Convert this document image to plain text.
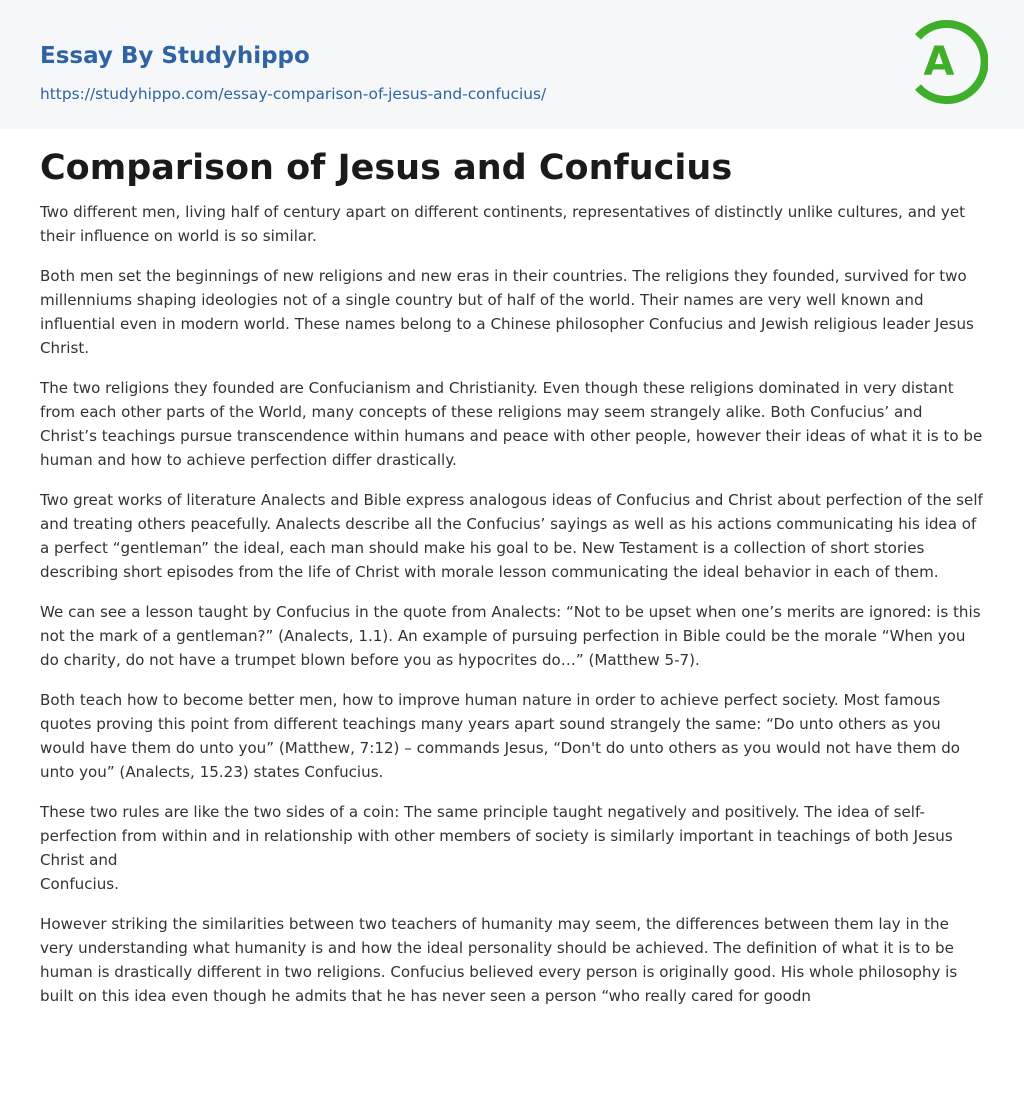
Essay By Studyhippo
https://studyhippo.com/essay-comparison-of-jesus-and-confucius/
A
Comparison of Jesus and Confucius

Two different men, living half of century apart on different continents, representatives of distinctly unlike cultures, and yet their influence on world is so similar.

Both men set the beginnings of new religions and new eras in their countries. The religions they founded, survived for two millenniums shaping ideologies not of a single country but of half of the world. Their names are very well known and influential even in modern world. These names belong to a Chinese philosopher Confucius and Jewish religious leader Jesus Christ.

The two religions they founded are Confucianism and Christianity. Even though these religions dominated in very distant from each other parts of the World, many concepts of these religions may seem strangely alike. Both Confucius’ and Christ’s teachings pursue transcendence within humans and peace with other people, however their ideas of what it is to be human and how to achieve perfection differ drastically.

Two great works of literature Analects and Bible express analogous ideas of Confucius and Christ about perfection of the self and treating others peacefully. Analects describe all the Confucius’ sayings as well as his actions communicating his idea of a perfect “gentleman” the ideal, each man should make his goal to be. New Testament is a collection of short stories describing short episodes from the life of Christ with morale lesson communicating the ideal behavior in each of them.

We can see a lesson taught by Confucius in the quote from Analects: “Not to be upset when one’s merits are ignored: is this not the mark of a gentleman?” (Analects, 1.1). An example of pursuing perfection in Bible could be the morale “When you do charity, do not have a trumpet blown before you as hypocrites do…” (Matthew 5-7).

Both teach how to become better men, how to improve human nature in order to achieve perfect society. Most famous quotes proving this point from different teachings many years apart sound strangely the same: “Do unto others as you would have them do unto you” (Matthew, 7:12) – commands Jesus, “Don't do unto others as you would not have them do unto you” (Analects, 15.23) states Confucius.

These two rules are like the two sides of a coin: The same principle taught negatively and positively. The idea of self-perfection from within and in relationship with other members of society is similarly important in teachings of both Jesus Christ and
Confucius.

However striking the similarities between two teachers of humanity may seem, the differences between them lay in the very understanding what humanity is and how the ideal personality should be achieved. The definition of what it is to be human is drastically different in two religions. Confucius believed every person is originally good. His whole philosophy is built on this idea even though he admits that he has never seen a person “who really cared for goodn
